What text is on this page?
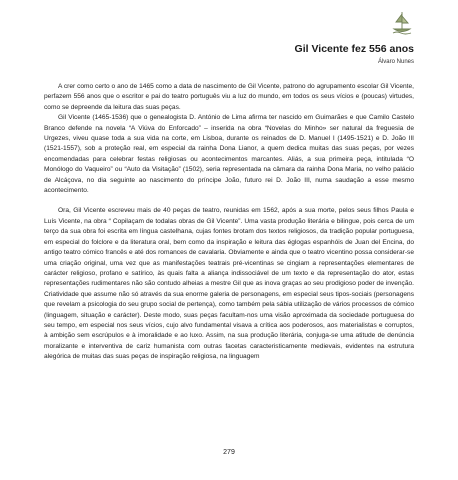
Gil Vicente fez 556 anos
Álvaro Nunes

A crer como certo o ano de 1465 como a data de nascimento de Gil Vicente, patrono do agrupamento escolar Gil Vicente, perfazem 556 anos que o escritor e pai do teatro português viu a luz do mundo, em todos os seus vícios e (poucas) virtudes, como se depreende da leitura das suas peças.

Gil Vicente (1465-1536) que o genealogista D. António de Lima afirma ter nascido em Guimarães e que Camilo Castelo Branco defende na novela “A Viúva do Enforcado” – inserida na obra “Novelas do Minho» ser natural da freguesia de Urgezes, viveu quase toda a sua vida na corte, em Lisboa, durante os reinados de D. Manuel I (1495-1521) e D. João III (1521-1557), sob a proteção real, em especial da rainha Dona Lianor, a quem dedica muitas das suas peças, por vezes encomendadas para celebrar festas religiosas ou acontecimentos marcantes. Aliás, a sua primeira peça, intitulada “O Monólogo do Vaqueiro” ou “Auto da Visitação” (1502), seria representada na câmara da rainha Dona Maria, no velho palácio de Alcáçova, no dia seguinte ao nascimento do príncipe João, futuro rei D. João III, numa saudação a esse mesmo acontecimento.

Ora, Gil Vicente escreveu mais de 40 peças de teatro, reunidas em 1562, após a sua morte, pelos seus filhos Paula e Luís Vicente, na obra “ Copilaçam de todalas obras de Gil Vicente”. Uma vasta produção literária e bilingue, pois cerca de um terço da sua obra foi escrita em língua castelhana, cujas fontes brotam dos textos religiosos, da tradição popular portuguesa, em especial do folclore e da literatura oral, bem como da inspiração e leitura das églogas espanhóis de Juan del Encina, do antigo teatro cómico francês e até dos romances de cavalaria. Obviamente e ainda que o teatro vicentino possa considerar-se uma criação original, uma vez que as manifestações teatrais pré-vicentinas se cingiam a representações elementares de carácter religioso, profano e satírico, às quais falta a aliança indissociável de um texto e da representação do ator, estas representações rudimentares não são contudo alheias a mestre Gil que as inova graças ao seu prodigioso poder de invenção. Criatividade que assume não só através da sua enorme galeria de personagens, em especial seus tipos-sociais (personagens que revelam a psicologia do seu grupo social de pertença), como também pela sábia utilização de vários processos de cómico (linguagem, situação e carácter). Deste modo, suas peças facultam-nos uma visão aproximada da sociedade portuguesa do seu tempo, em especial nos seus vícios, cujo alvo fundamental visava a crítica aos poderosos, aos materialistas e corruptos, à ambição sem escrúpulos e à imoralidade e ao luxo. Assim, na sua produção literária, conjuga-se uma atitude de denúncia moralizante e interventiva de cariz humanista com outras facetas caracteristicamente medievais, evidentes na estrutura alegórica de muitas das suas peças de inspiração religiosa, na linguagem

279
